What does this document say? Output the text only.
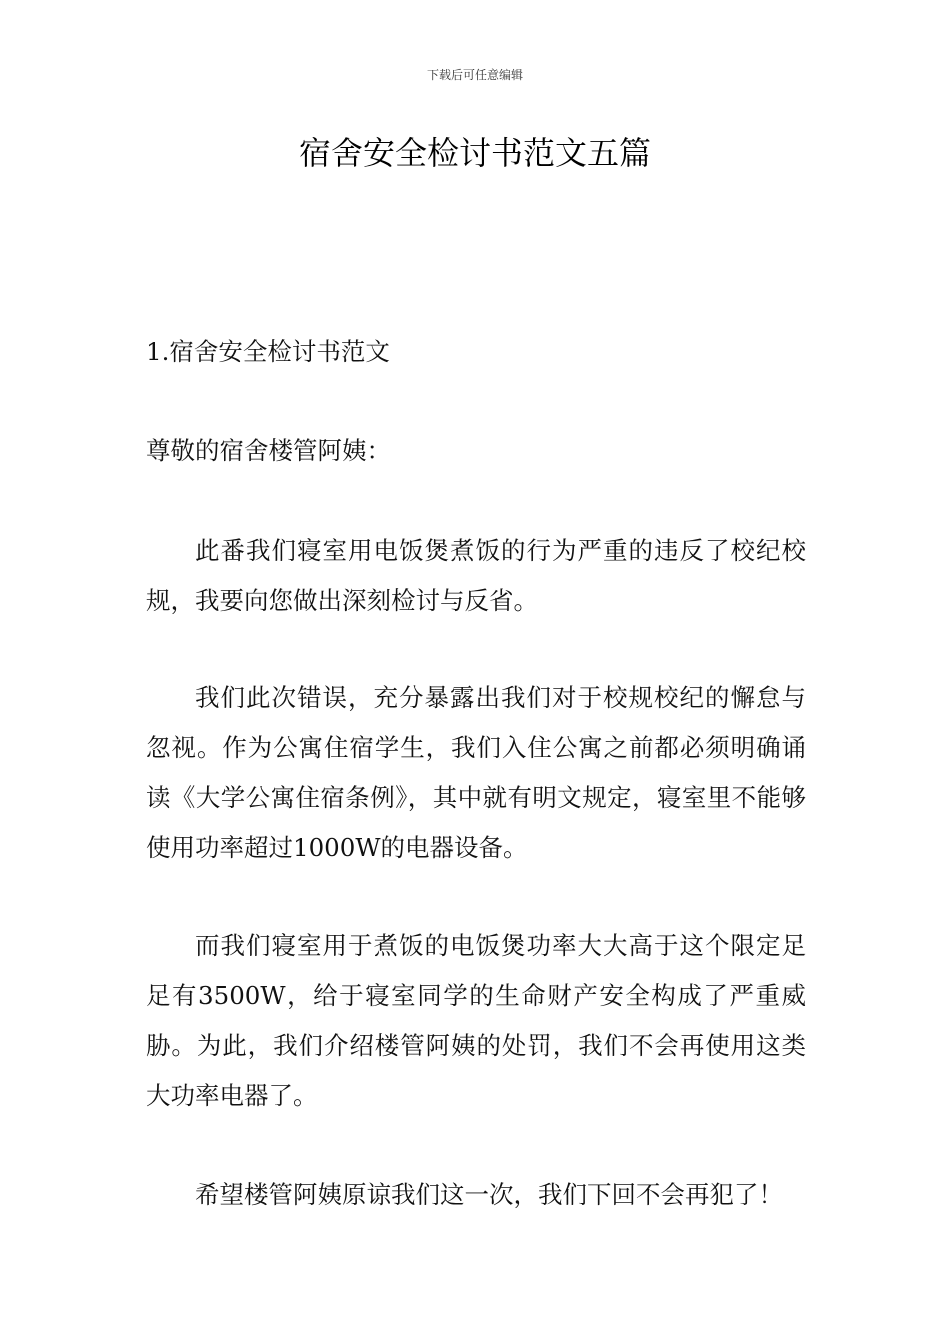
下载后可任意编辑
宿舍安全检讨书范文五篇
1.宿舍安全检讨书范文
尊敬的宿舍楼管阿姨：

此番我们寝室用电饭煲煮饭的行为严重的违反了校纪校规，我要向您做出深刻检讨与反省。

我们此次错误，充分暴露出我们对于校规校纪的懈怠与忽视。作为公寓住宿学生，我们入住公寓之前都必须明确诵读《大学公寓住宿条例》，其中就有明文规定，寝室里不能够使用功率超过1000W的电器设备。

而我们寝室用于煮饭的电饭煲功率大大高于这个限定足足有3500W，给于寝室同学的生命财产安全构成了严重威胁。为此，我们介绍楼管阿姨的处罚，我们不会再使用这类大功率电器了。

希望楼管阿姨原谅我们这一次，我们下回不会再犯了！
